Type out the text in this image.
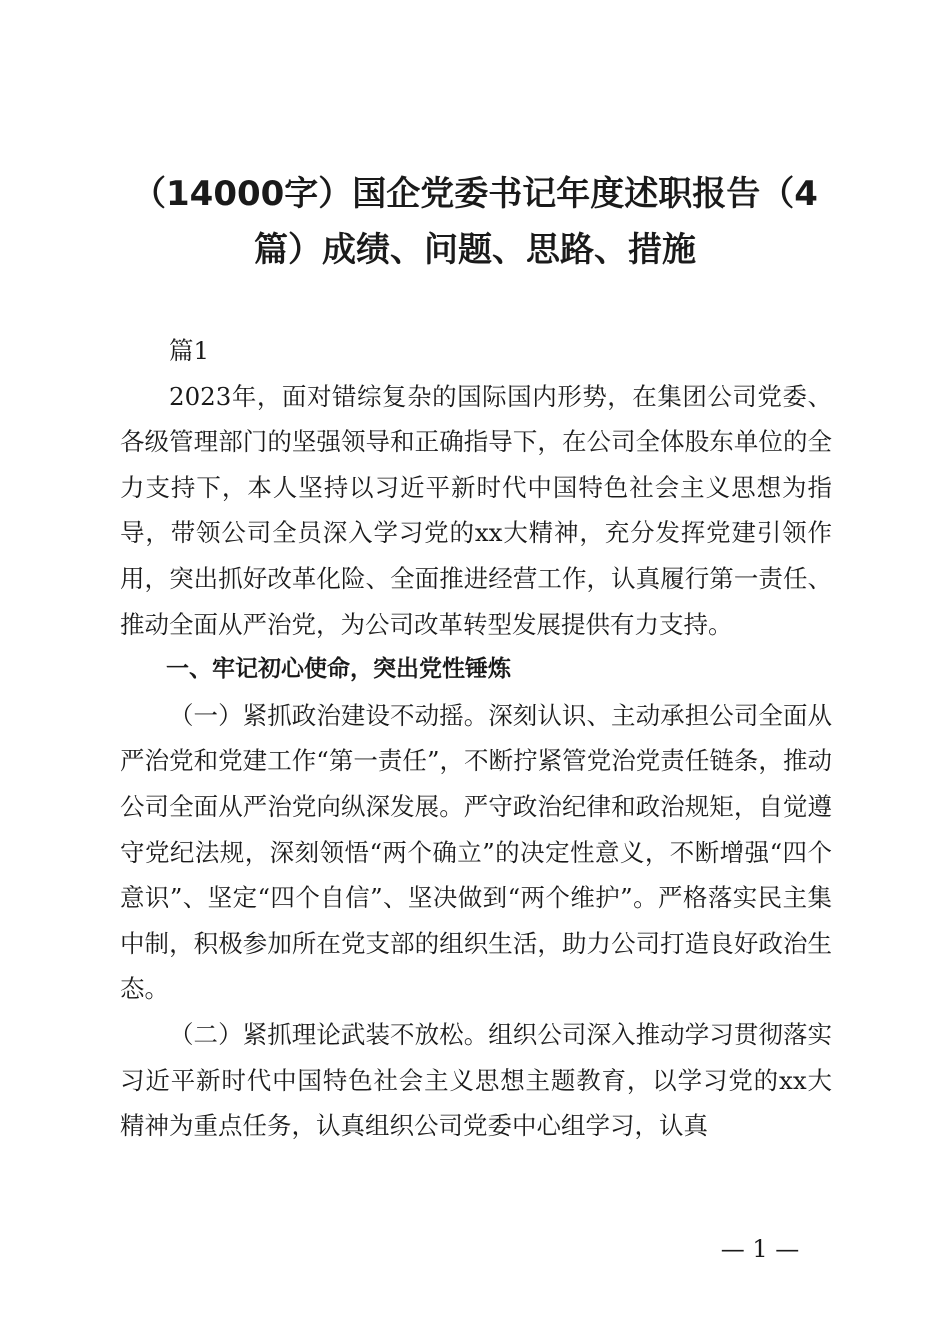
（14000字）国企党委书记年度述职报告（4
篇）成绩、问题、思路、措施

篇1

2023年，面对错综复杂的国际国内形势，在集团公司党委、各级管理部门的坚强领导和正确指导下，在公司全体股东单位的全力支持下，本人坚持以习近平新时代中国特色社会主义思想为指导，带领公司全员深入学习党的xx大精神，充分发挥党建引领作用，突出抓好改革化险、全面推进经营工作，认真履行第一责任、推动全面从严治党，为公司改革转型发展提供有力支持。

一、牢记初心使命，突出党性锤炼

（一）紧抓政治建设不动摇。深刻认识、主动承担公司全面从严治党和党建工作“第一责任”，不断拧紧管党治党责任链条，推动公司全面从严治党向纵深发展。严守政治纪律和政治规矩，自觉遵守党纪法规，深刻领悟“两个确立”的决定性意义，不断增强“四个意识”、坚定“四个自信”、坚决做到“两个维护”。严格落实民主集中制，积极参加所在党支部的组织生活，助力公司打造良好政治生态。

（二）紧抓理论武装不放松。组织公司深入推动学习贯彻落实习近平新时代中国特色社会主义思想主题教育，以学习党的xx大精神为重点任务，认真组织公司党委中心组学习，认真

— 1 —
